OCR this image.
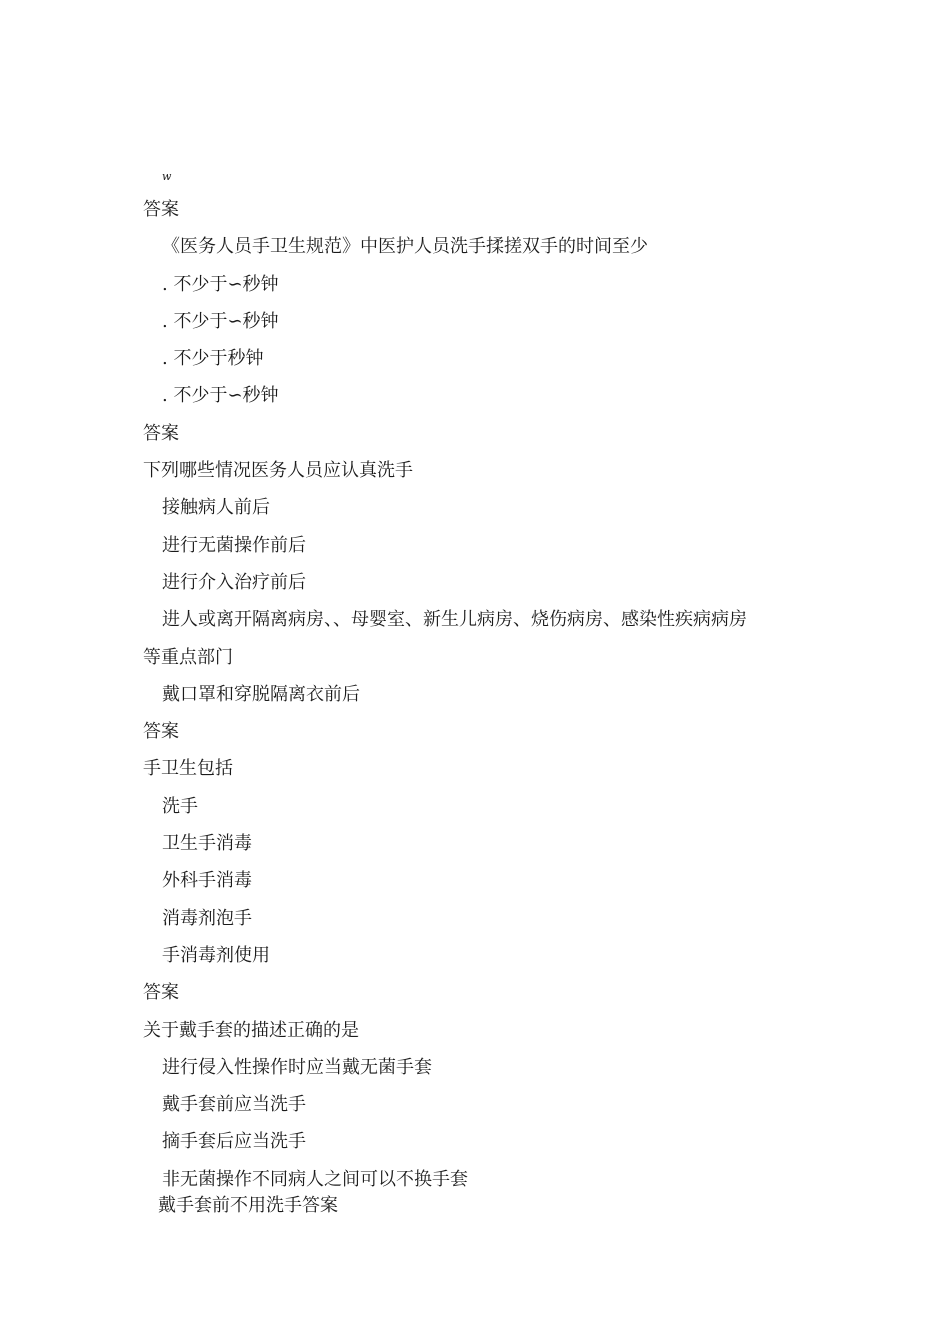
w
答案
《医务人员手卫生规范》中医护人员洗手揉搓双手的时间至少
. 不少于∽秒钟
. 不少于∽秒钟
. 不少于秒钟
. 不少于∽秒钟
答案
下列哪些情况医务人员应认真洗手
接触病人前后
进行无菌操作前后
进行介入治疗前后
进人或离开隔离病房、、母婴室、新生儿病房、烧伤病房、感染性疾病病房
等重点部门
戴口罩和穿脱隔离衣前后
答案
手卫生包括
洗手
卫生手消毒
外科手消毒
消毒剂泡手
手消毒剂使用
答案
关于戴手套的描述正确的是
进行侵入性操作时应当戴无菌手套
戴手套前应当洗手
摘手套后应当洗手
非无菌操作不同病人之间可以不换手套
戴手套前不用洗手答案
